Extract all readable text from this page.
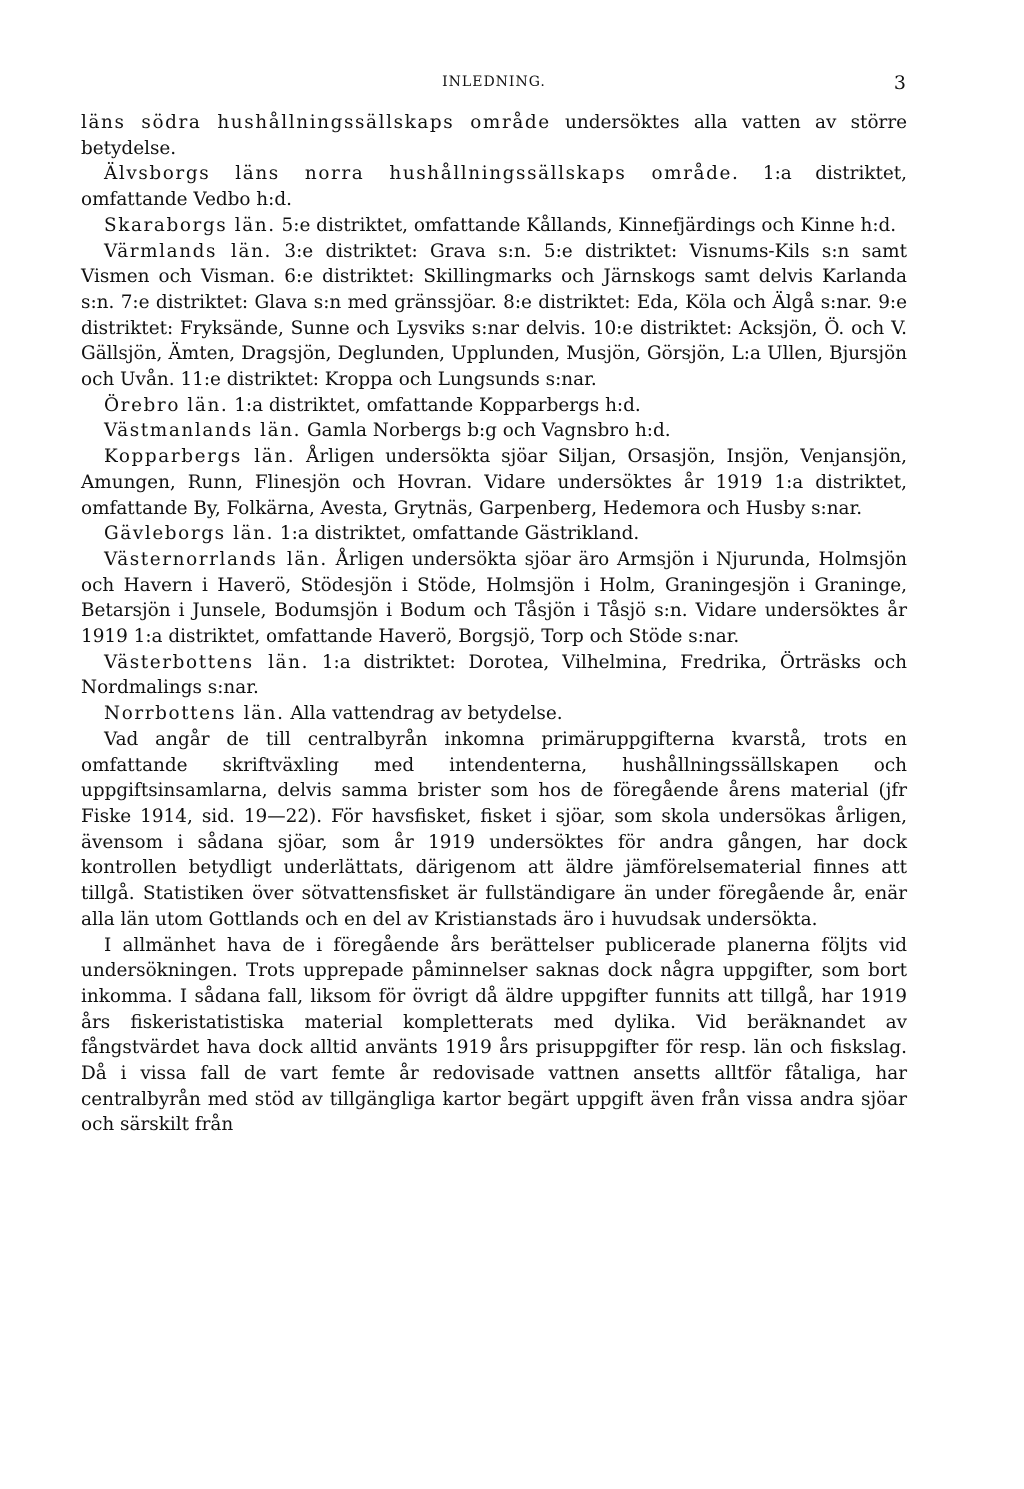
INLEDNING.	3

läns södra hushållningssällskaps område undersöktes alla vatten av större betydelse.

Älvsborgs läns norra hushållningssällskaps område. 1:a distriktet, omfattande Vedbo h:d.

Skaraborgs län. 5:e distriktet, omfattande Kållands, Kinnefjärdings och Kinne h:d.

Värmlands län. 3:e distriktet: Grava s:n. 5:e distriktet: Visnums-Kils s:n samt Vismen och Visman. 6:e distriktet: Skillingmarks och Järnskogs samt delvis Karlanda s:n. 7:e distriktet: Glava s:n med gränssjöar. 8:e distriktet: Eda, Köla och Älgå s:nar. 9:e distriktet: Fryksände, Sunne och Lysviks s:nar delvis. 10:e distriktet: Acksjön, Ö. och V. Gällsjön, Ämten, Dragsjön, Deglunden, Upplunden, Musjön, Görsjön, L:a Ullen, Bjursjön och Uvån. 11:e distriktet: Kroppa och Lungsunds s:nar.

Örebro län. 1:a distriktet, omfattande Kopparbergs h:d.

Västmanlands län. Gamla Norbergs b:g och Vagnsbro h:d.

Kopparbergs län. Årligen undersökta sjöar Siljan, Orsasjön, Insjön, Venjansjön, Amungen, Runn, Flinesjön och Hovran. Vidare undersöktes år 1919 1:a distriktet, omfattande By, Folkärna, Avesta, Grytnäs, Garpenberg, Hedemora och Husby s:nar.

Gävleborgs län. 1:a distriktet, omfattande Gästrikland.

Västernorrlands län. Årligen undersökta sjöar äro Armsjön i Njurunda, Holmsjön och Havern i Haverö, Stödesjön i Stöde, Holmsjön i Holm, Graningesjön i Graninge, Betarsjön i Junsele, Bodumsjön i Bodum och Tåsjön i Tåsjö s:n. Vidare undersöktes år 1919 1:a distriktet, omfattande Haverö, Borgsjö, Torp och Stöde s:nar.

Västerbottens län. 1:a distriktet: Dorotea, Vilhelmina, Fredrika, Örträsks och Nordmalings s:nar.

Norrbottens län. Alla vattendrag av betydelse.

Vad angår de till centralbyrån inkomna primäruppgifterna kvarstå, trots en omfattande skriftväxling med intendenterna, hushållningssällskapen och uppgiftsinsamlarna, delvis samma brister som hos de föregående årens material (jfr Fiske 1914, sid. 19—22). För havsfisket, fisket i sjöar, som skola undersökas årligen, ävensom i sådana sjöar, som år 1919 undersöktes för andra gången, har dock kontrollen betydligt underlättats, därigenom att äldre jämförelsematerial finnes att tillgå. Statistiken över sötvattensfisket är fullständigare än under föregående år, enär alla län utom Gottlands och en del av Kristianstads äro i huvudsak undersökta.

I allmänhet hava de i föregående års berättelser publicerade planerna följts vid undersökningen. Trots upprepade påminnelser saknas dock några uppgifter, som bort inkomma. I sådana fall, liksom för övrigt då äldre uppgifter funnits att tillgå, har 1919 års fiskeristatistiska material kompletterats med dylika. Vid beräknandet av fångstvärdet hava dock alltid använts 1919 års prisuppgifter för resp. län och fiskslag. Då i vissa fall de vart femte år redovisade vattnen ansetts alltför fåtaliga, har centralbyrån med stöd av tillgängliga kartor begärt uppgift även från vissa andra sjöar och särskilt från
